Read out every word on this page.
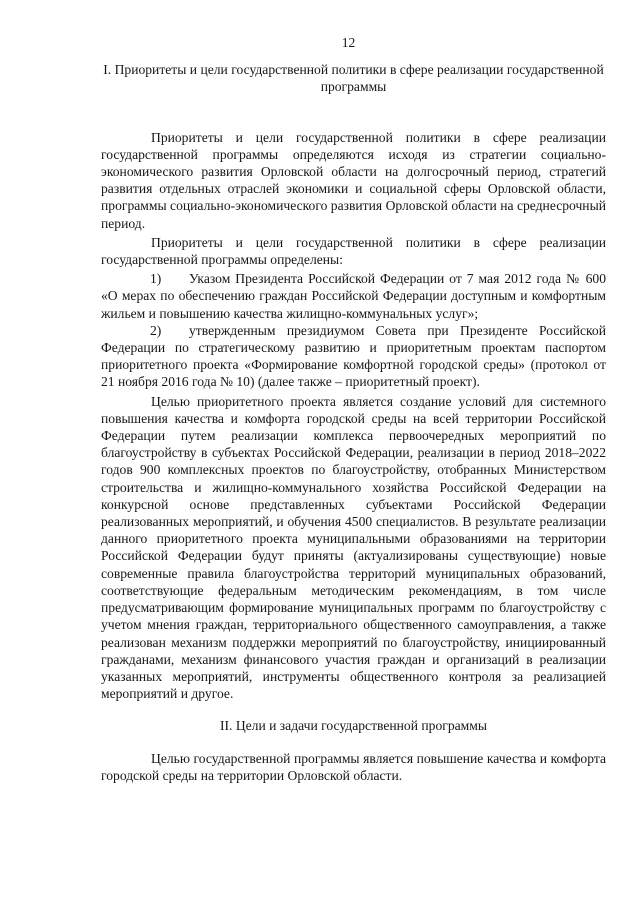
12
I. Приоритеты и цели государственной политики в сфере реализации государственной программы

Приоритеты и цели государственной политики в сфере реализации государственной программы определяются исходя из стратегии социально-экономического развития Орловской области на долгосрочный период, стратегий развития отдельных отраслей экономики и социальной сферы Орловской области, программы социально-экономического развития Орловской области на среднесрочный период.

Приоритеты и цели государственной политики в сфере реализации государственной программы определены:

1) Указом Президента Российской Федерации от 7 мая 2012 года № 600 «О мерах по обеспечению граждан Российской Федерации доступным и комфортным жильем и повышению качества жилищно-коммунальных услуг»;

2) утвержденным президиумом Совета при Президенте Российской Федерации по стратегическому развитию и приоритетным проектам паспортом приоритетного проекта «Формирование комфортной городской среды» (протокол от 21 ноября 2016 года № 10) (далее также – приоритетный проект).

Целью приоритетного проекта является создание условий для системного повышения качества и комфорта городской среды на всей территории Российской Федерации путем реализации комплекса первоочередных мероприятий по благоустройству в субъектах Российской Федерации, реализации в период 2018–2022 годов 900 комплексных проектов по благоустройству, отобранных Министерством строительства и жилищно-коммунального хозяйства Российской Федерации на конкурсной основе представленных субъектами Российской Федерации реализованных мероприятий, и обучения 4500 специалистов. В результате реализации данного приоритетного проекта муниципальными образованиями на территории Российской Федерации будут приняты (актуализированы существующие) новые современные правила благоустройства территорий муниципальных образований, соответствующие федеральным методическим рекомендациям, в том числе предусматривающим формирование муниципальных программ по благоустройству с учетом мнения граждан, территориального общественного самоуправления, а также реализован механизм поддержки мероприятий по благоустройству, инициированный гражданами, механизм финансового участия граждан и организаций в реализации указанных мероприятий, инструменты общественного контроля за реализацией мероприятий и другое.

II. Цели и задачи государственной программы

Целью государственной программы является повышение качества и комфорта городской среды на территории Орловской области.
